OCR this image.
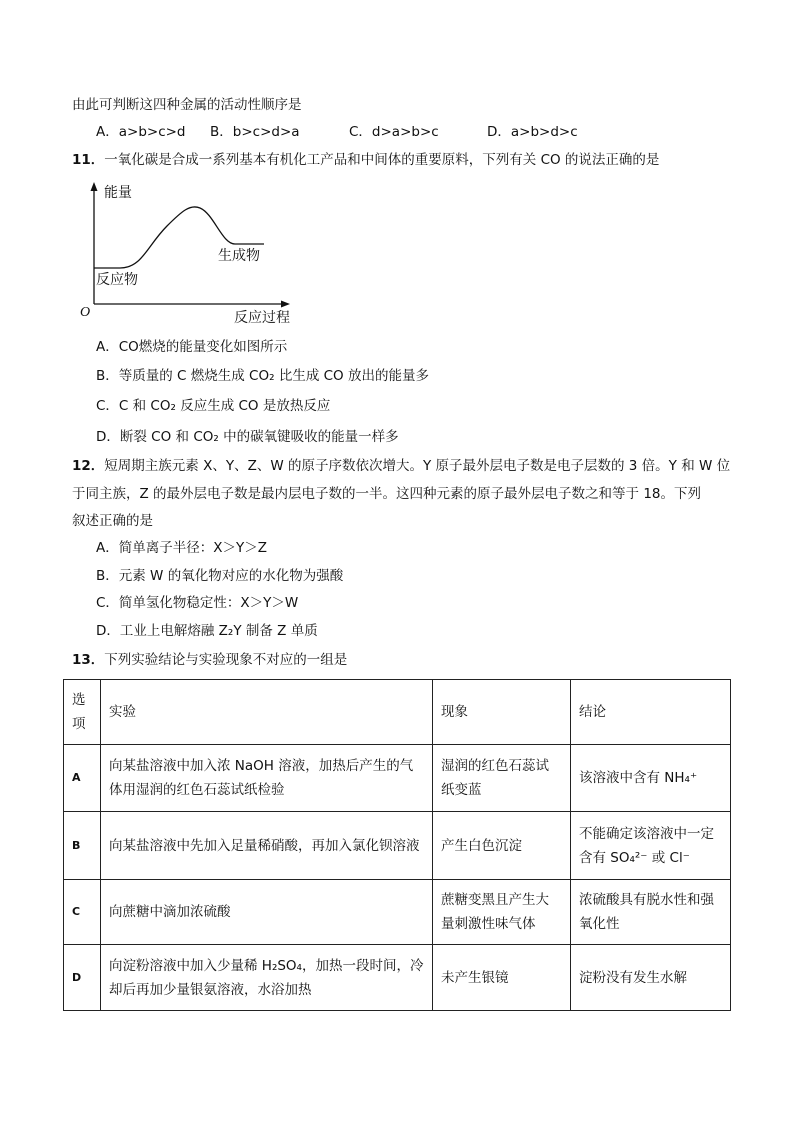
由此可判断这四种金属的活动性顺序是
A．a>b>c>d B．b>c>d>a	C．d>a>b>c	D．a>b>d>c
11．一氧化碳是合成一系列基本有机化工产品和中间体的重要原料，下列有关 CO 的说法正确的是
能量
反应过程
O
反应物
生成物
A．CO燃烧的能量变化如图所示
B．等质量的 C 燃烧生成 CO₂ 比生成 CO 放出的能量多
C．C 和 CO₂ 反应生成 CO 是放热反应
D．断裂 CO 和 CO₂ 中的碳氧键吸收的能量一样多
12．短周期主族元素 X、Y、Z、W 的原子序数依次增大。Y 原子最外层电子数是电子层数的 3 倍。Y 和 W 位
于同主族，Z 的最外层电子数是最内层电子数的一半。这四种元素的原子最外层电子数之和等于 18。下列
叙述正确的是
A．简单离子半径：X＞Y＞Z
B．元素 W 的氧化物对应的水化物为强酸
C．简单氢化物稳定性：X＞Y＞W
D．工业上电解熔融 Z₂Y 制备 Z 单质
13．下列实验结论与实验现象不对应的一组是
选项	实验	现象	结论
A	向某盐溶液中加入浓 NaOH 溶液，加热后产生的气体用湿润的红色石蕊试纸检验	湿润的红色石蕊试纸变蓝	该溶液中含有 NH₄⁺
B	向某盐溶液中先加入足量稀硝酸，再加入氯化钡溶液	产生白色沉淀	不能确定该溶液中一定含有 SO₄²⁻ 或 Cl⁻
C	向蔗糖中滴加浓硫酸	蔗糖变黑且产生大量刺激性味气体	浓硫酸具有脱水性和强氧化性
D	向淀粉溶液中加入少量稀 H₂SO₄，加热一段时间，冷却后再加少量银氨溶液，水浴加热	未产生银镜	淀粉没有发生水解
